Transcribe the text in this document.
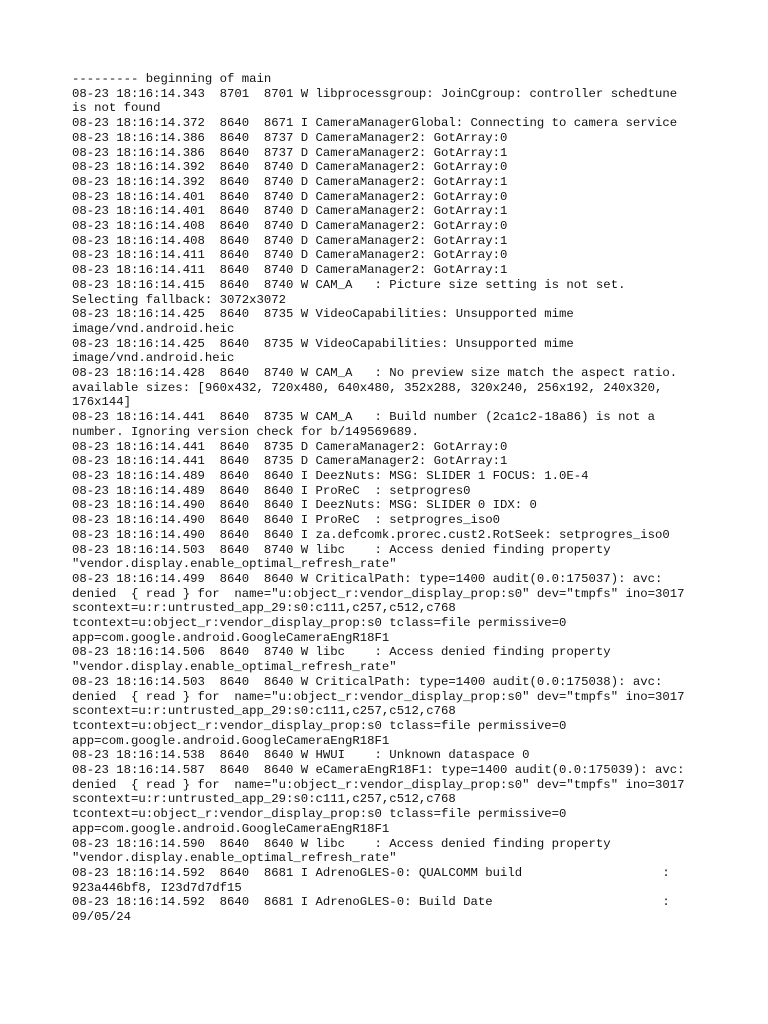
--------- beginning of main
08-23 18:16:14.343  8701  8701 W libprocessgroup: JoinCgroup: controller schedtune
is not found
08-23 18:16:14.372  8640  8671 I CameraManagerGlobal: Connecting to camera service
08-23 18:16:14.386  8640  8737 D CameraManager2: GotArray:0
08-23 18:16:14.386  8640  8737 D CameraManager2: GotArray:1
08-23 18:16:14.392  8640  8740 D CameraManager2: GotArray:0
08-23 18:16:14.392  8640  8740 D CameraManager2: GotArray:1
08-23 18:16:14.401  8640  8740 D CameraManager2: GotArray:0
08-23 18:16:14.401  8640  8740 D CameraManager2: GotArray:1
08-23 18:16:14.408  8640  8740 D CameraManager2: GotArray:0
08-23 18:16:14.408  8640  8740 D CameraManager2: GotArray:1
08-23 18:16:14.411  8640  8740 D CameraManager2: GotArray:0
08-23 18:16:14.411  8640  8740 D CameraManager2: GotArray:1
08-23 18:16:14.415  8640  8740 W CAM_A   : Picture size setting is not set.
Selecting fallback: 3072x3072
08-23 18:16:14.425  8640  8735 W VideoCapabilities: Unsupported mime
image/vnd.android.heic
08-23 18:16:14.425  8640  8735 W VideoCapabilities: Unsupported mime
image/vnd.android.heic
08-23 18:16:14.428  8640  8740 W CAM_A   : No preview size match the aspect ratio.
available sizes: [960x432, 720x480, 640x480, 352x288, 320x240, 256x192, 240x320,
176x144]
08-23 18:16:14.441  8640  8735 W CAM_A   : Build number (2ca1c2-18a86) is not a
number. Ignoring version check for b/149569689.
08-23 18:16:14.441  8640  8735 D CameraManager2: GotArray:0
08-23 18:16:14.441  8640  8735 D CameraManager2: GotArray:1
08-23 18:16:14.489  8640  8640 I DeezNuts: MSG: SLIDER 1 FOCUS: 1.0E-4
08-23 18:16:14.489  8640  8640 I ProReC  : setprogres0
08-23 18:16:14.490  8640  8640 I DeezNuts: MSG: SLIDER 0 IDX: 0
08-23 18:16:14.490  8640  8640 I ProReC  : setprogres_iso0
08-23 18:16:14.490  8640  8640 I za.defcomk.prorec.cust2.RotSeek: setprogres_iso0
08-23 18:16:14.503  8640  8740 W libc    : Access denied finding property
"vendor.display.enable_optimal_refresh_rate"
08-23 18:16:14.499  8640  8640 W CriticalPath: type=1400 audit(0.0:175037): avc:
denied  { read } for  name="u:object_r:vendor_display_prop:s0" dev="tmpfs" ino=3017
scontext=u:r:untrusted_app_29:s0:c111,c257,c512,c768
tcontext=u:object_r:vendor_display_prop:s0 tclass=file permissive=0
app=com.google.android.GoogleCameraEngR18F1
08-23 18:16:14.506  8640  8740 W libc    : Access denied finding property
"vendor.display.enable_optimal_refresh_rate"
08-23 18:16:14.503  8640  8640 W CriticalPath: type=1400 audit(0.0:175038): avc:
denied  { read } for  name="u:object_r:vendor_display_prop:s0" dev="tmpfs" ino=3017
scontext=u:r:untrusted_app_29:s0:c111,c257,c512,c768
tcontext=u:object_r:vendor_display_prop:s0 tclass=file permissive=0
app=com.google.android.GoogleCameraEngR18F1
08-23 18:16:14.538  8640  8640 W HWUI    : Unknown dataspace 0
08-23 18:16:14.587  8640  8640 W eCameraEngR18F1: type=1400 audit(0.0:175039): avc:
denied  { read } for  name="u:object_r:vendor_display_prop:s0" dev="tmpfs" ino=3017
scontext=u:r:untrusted_app_29:s0:c111,c257,c512,c768
tcontext=u:object_r:vendor_display_prop:s0 tclass=file permissive=0
app=com.google.android.GoogleCameraEngR18F1
08-23 18:16:14.590  8640  8640 W libc    : Access denied finding property
"vendor.display.enable_optimal_refresh_rate"
08-23 18:16:14.592  8640  8681 I AdrenoGLES-0: QUALCOMM build                   :
923a446bf8, I23d7d7df15
08-23 18:16:14.592  8640  8681 I AdrenoGLES-0: Build Date                       :
09/05/24
